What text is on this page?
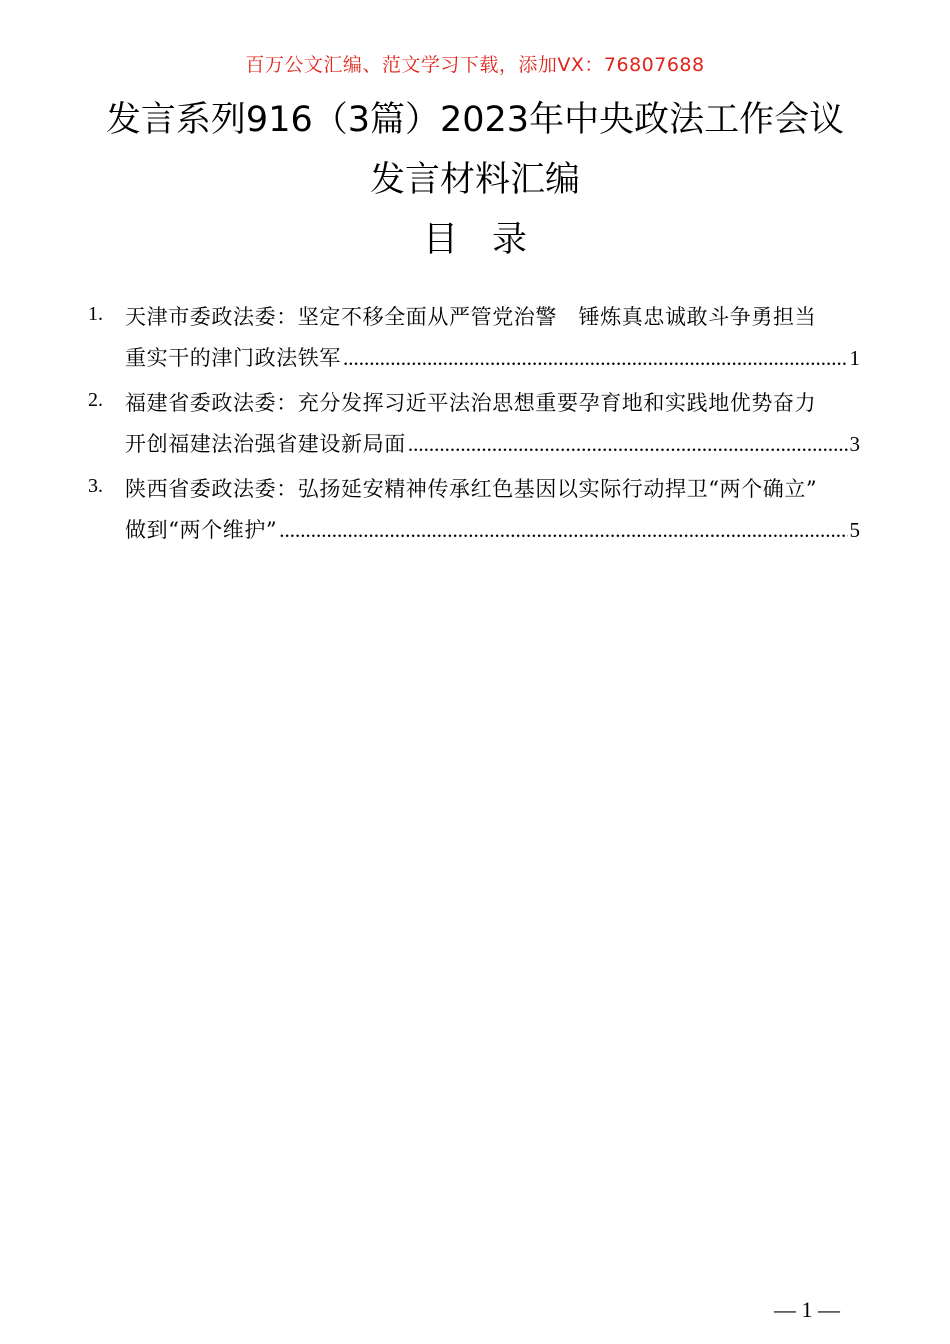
百万公文汇编、范文学习下载，添加VX：76807688
发言系列916（3篇）2023年中央政法工作会议
发言材料汇编
目录
1.	天津市委政法委：坚定不移全面从严管党治警　锤炼真忠诚敢斗争勇担当
重实干的津门政法铁军 .....	1
2.	福建省委政法委：充分发挥习近平法治思想重要孕育地和实践地优势奋力
开创福建法治强省建设新局面 .....	3
3.	陕西省委政法委：弘扬延安精神传承红色基因以实际行动捍卫“两个确立”
做到“两个维护” .....	5
— 1 —
